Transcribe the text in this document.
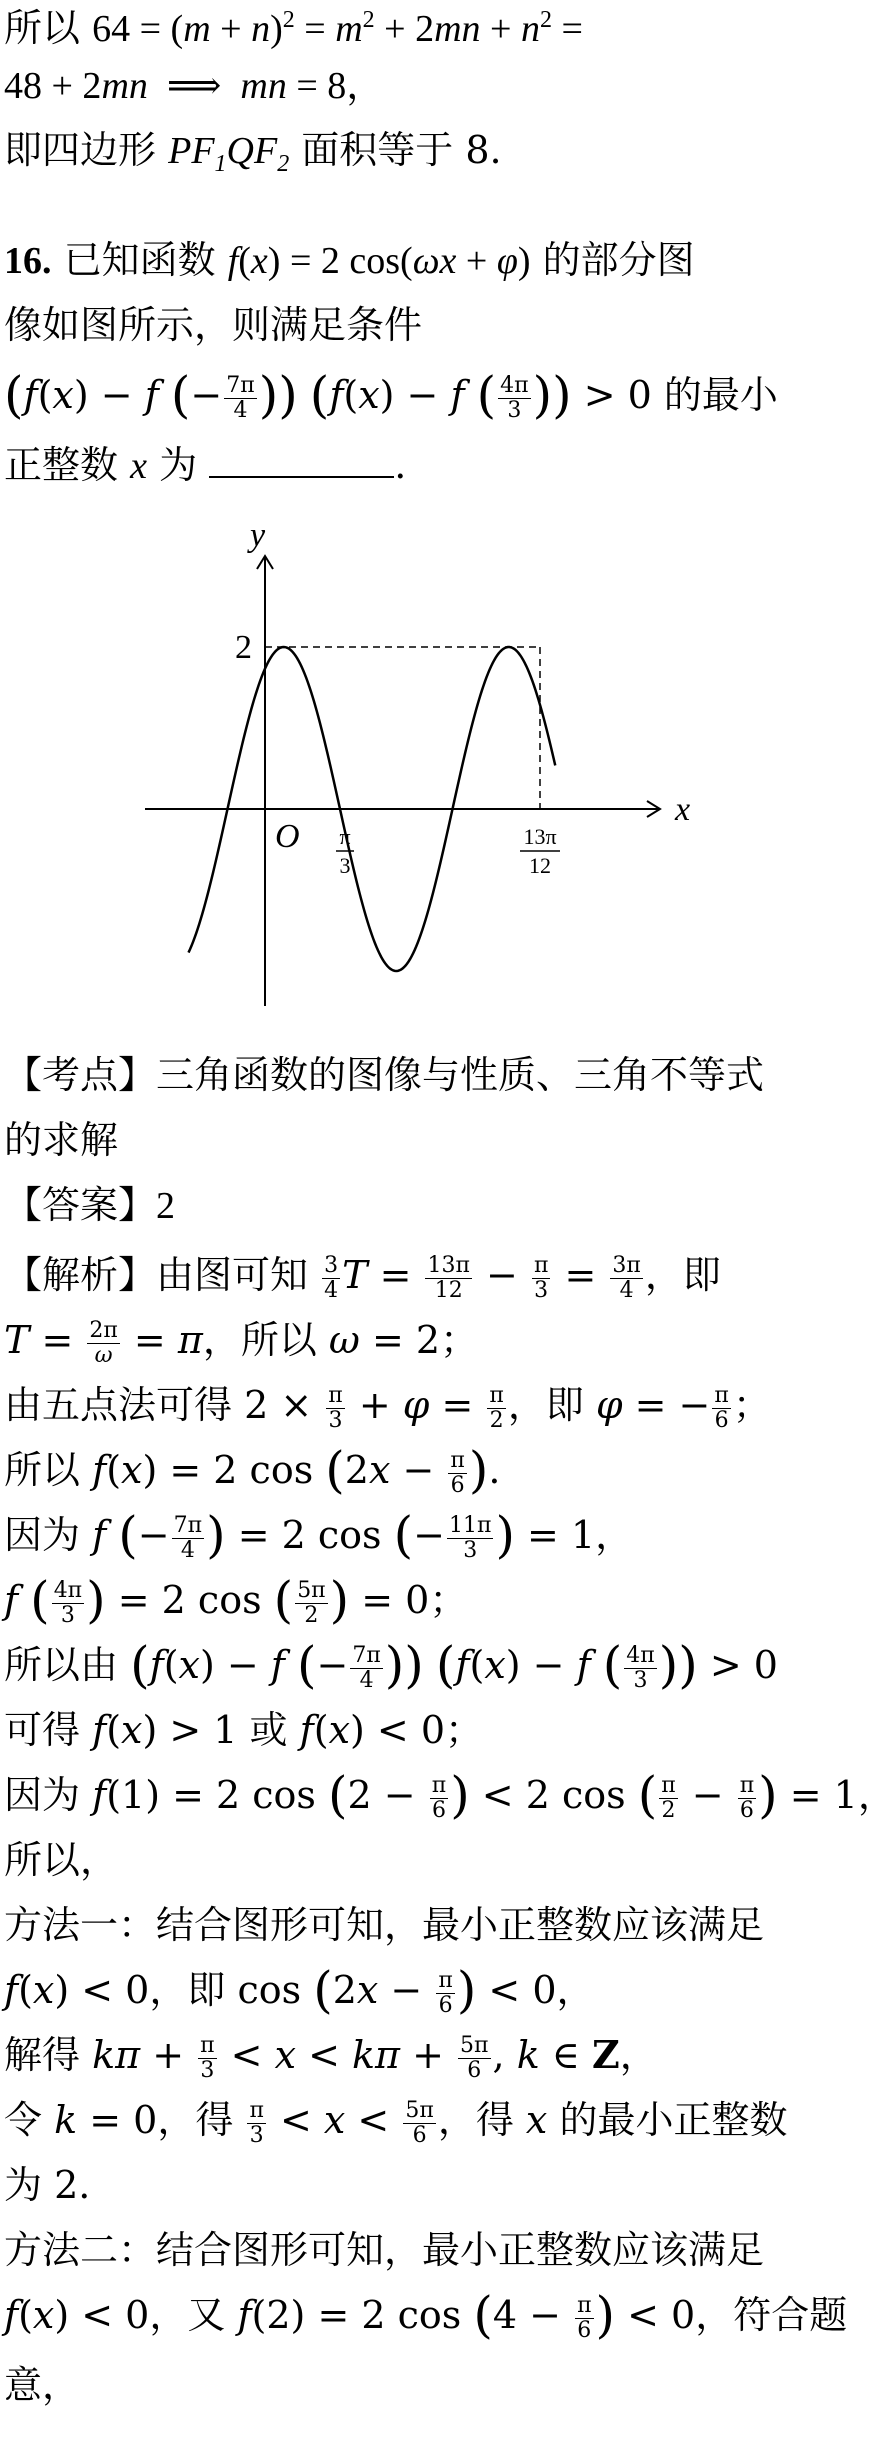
所以 $64 = (m + n)^2 = m^2 + 2mn + n^2$ =
48 + 2mn  ⟹  mn = 8，
即四边形 $PF_1QF_2$ 面积等于 8.
16. 已知函数 f(x) = 2 cos(ωx + φ) 的部分图
像如图所示，则满足条件
(f(x) − f (− $\frac{7\pi}{4}$ )) (f(x) − f ( $\frac{4\pi}{3}$ )) > 0 的最小
正整数 x 为	.
x
y
O
2
π
3
13π
12
【考点】三角函数的图像与性质、三角不等式
的求解
【答案】2
【解析】由图可知 $\frac{3}{4}$ $T = \frac{13\pi}{12} - \frac{\pi}{3} = \frac{3\pi}{4}$ ，即
$T = \frac{2\pi}{\omega} = \pi$，所以 ω = 2；
由五点法可得 $2 \times \frac{\pi}{3} + \varphi = \frac{\pi}{2}$ ，即 φ = − $\frac{\pi}{6}$ ；
所以 f(x) = 2 $\cos (2x - \frac{\pi}{6}$ ).
因为 f (− $\frac{7\pi}{4}$ ) = 2 cos (− $\frac{11\pi}{3}$ ) = 1，
f ( $\frac{4\pi}{3}$ ) = 2 cos ( $\frac{5\pi}{2}$ ) = 0；
所以由 (f(x) − f (− $\frac{7\pi}{4}$ )) (f(x) − f ( $\frac{4\pi}{3}$ )) > 0
可得 f(x) > 1 或 f(x) < 0；
因为 f(1) = 2 $\cos (2 - \frac{\pi}{6}$ ) < 2 cos ( $\frac{\pi}{2} - \frac{\pi}{6}$ ) = 1，
所以，
方法一：结合图形可知，最小正整数应该满足
f(x) < 0，即 $\cos (2x - \frac{\pi}{6}$ ) < 0，
解得 $k\pi + \frac{\pi}{3} < x < k\pi + \frac{5\pi}{6}$ , k ∈ Z，
令 k = 0，得 $\frac{\pi}{3} < x < \frac{5\pi}{6}$ ，得 x 的最小正整数
为 2.
方法二：结合图形可知，最小正整数应该满足
f(x) < 0，又 f(2) = 2 $\cos (4 - \frac{\pi}{6}$ ) < 0，符合题
意，
